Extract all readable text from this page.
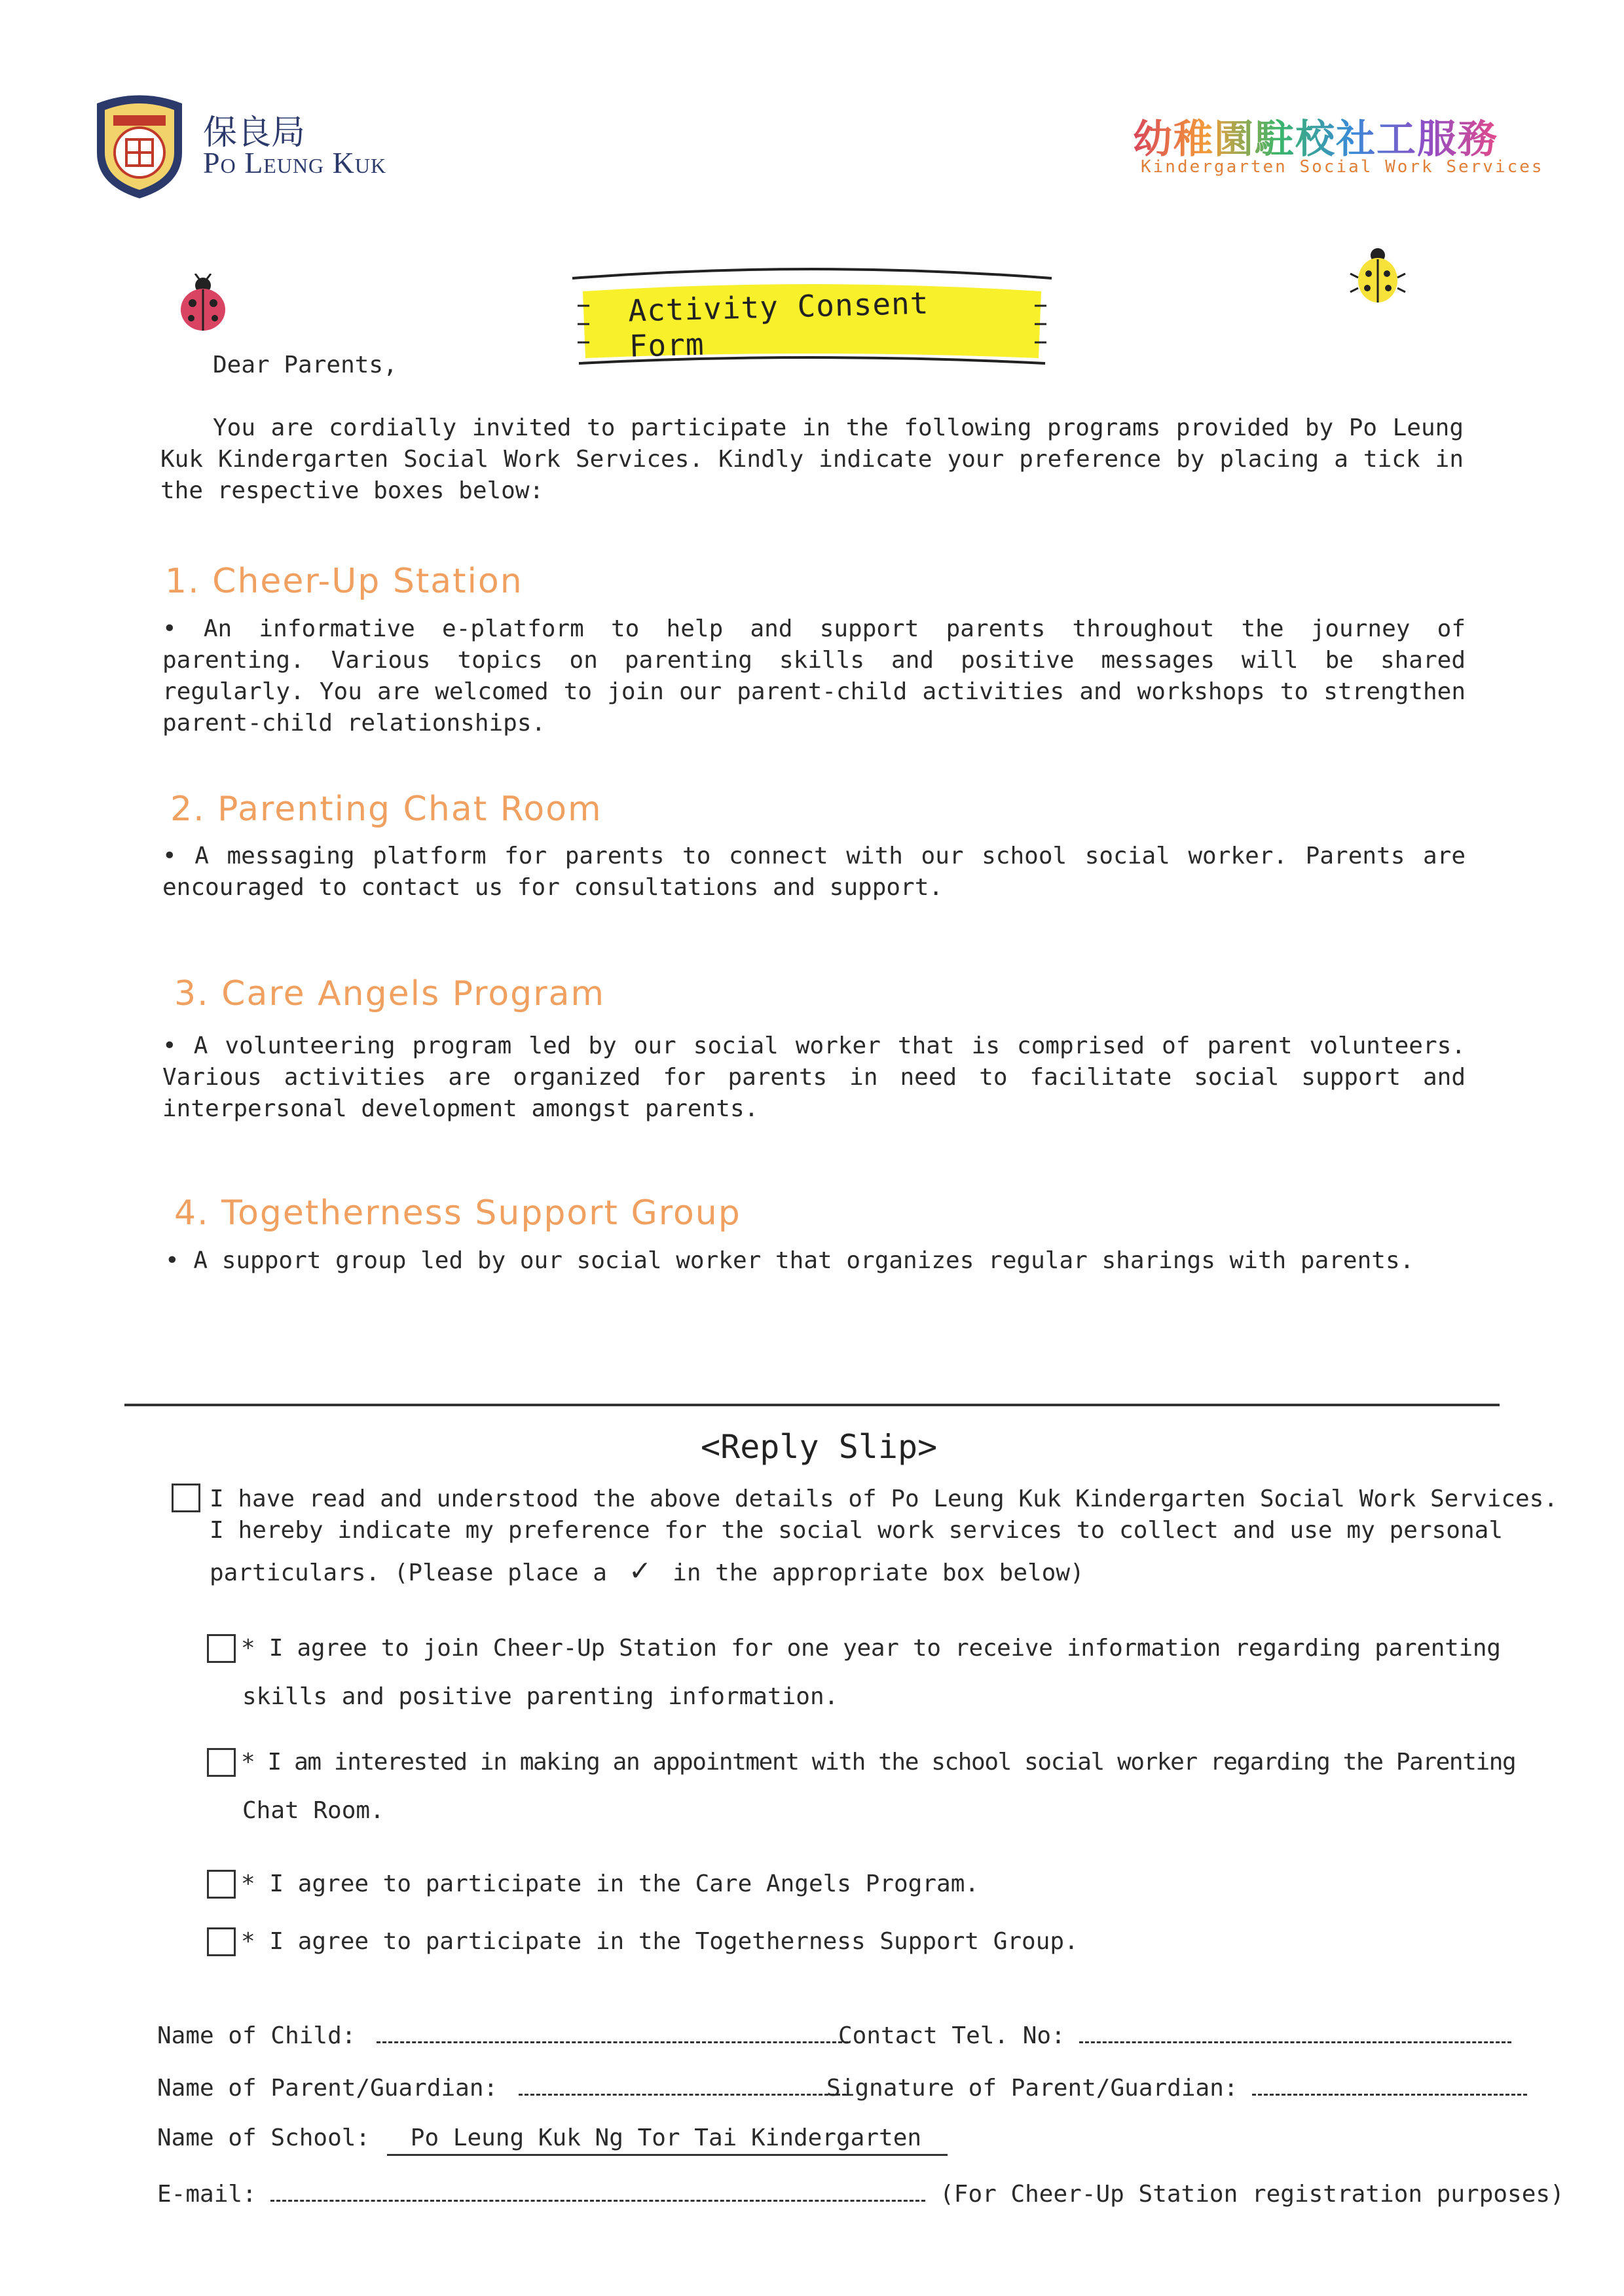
保良局
Po Leung Kuk
幼稚園駐校社工服務
Kindergarten Social Work Services
Activity Consent Form
Dear Parents,
You are cordially invited to participate in the following programs provided by Po Leung Kuk Kindergarten Social Work Services. Kindly indicate your preference by placing a tick in the respective boxes below:
1. Cheer-Up Station
• An informative e-platform to help and support parents throughout the journey of parenting. Various topics on parenting skills and positive messages will be shared regularly. You are welcomed to join our parent-child activities and workshops to strengthen parent-child relationships.
2. Parenting Chat Room
• A messaging platform for parents to connect with our school social worker. Parents are encouraged to contact us for consultations and support.
3. Care Angels Program
• A volunteering program led by our social worker that is comprised of parent volunteers. Various activities are organized for parents in need to facilitate social support and interpersonal development amongst parents.
4. Togetherness Support Group
• A support group led by our social worker that organizes regular sharings with parents.
<Reply Slip>
I have read and understood the above details of Po Leung Kuk Kindergarten Social Work Services.
I hereby indicate my preference for the social work services to collect and use my personal
particulars. (Please place a ✓ in the appropriate box below)
* I agree to join Cheer-Up Station for one year to receive information regarding parenting
skills and positive parenting information.
* I am interested in making an appointment with the school social worker regarding the Parenting
Chat Room.
* I agree to participate in the Care Angels Program.
* I agree to participate in the Togetherness Support Group.
Name of Child:	Contact Tel. No:
Name of Parent/Guardian:	Signature of Parent/Guardian:
Name of School: Po Leung Kuk Ng Tor Tai Kindergarten
E-mail:	(For Cheer-Up Station registration purposes)
